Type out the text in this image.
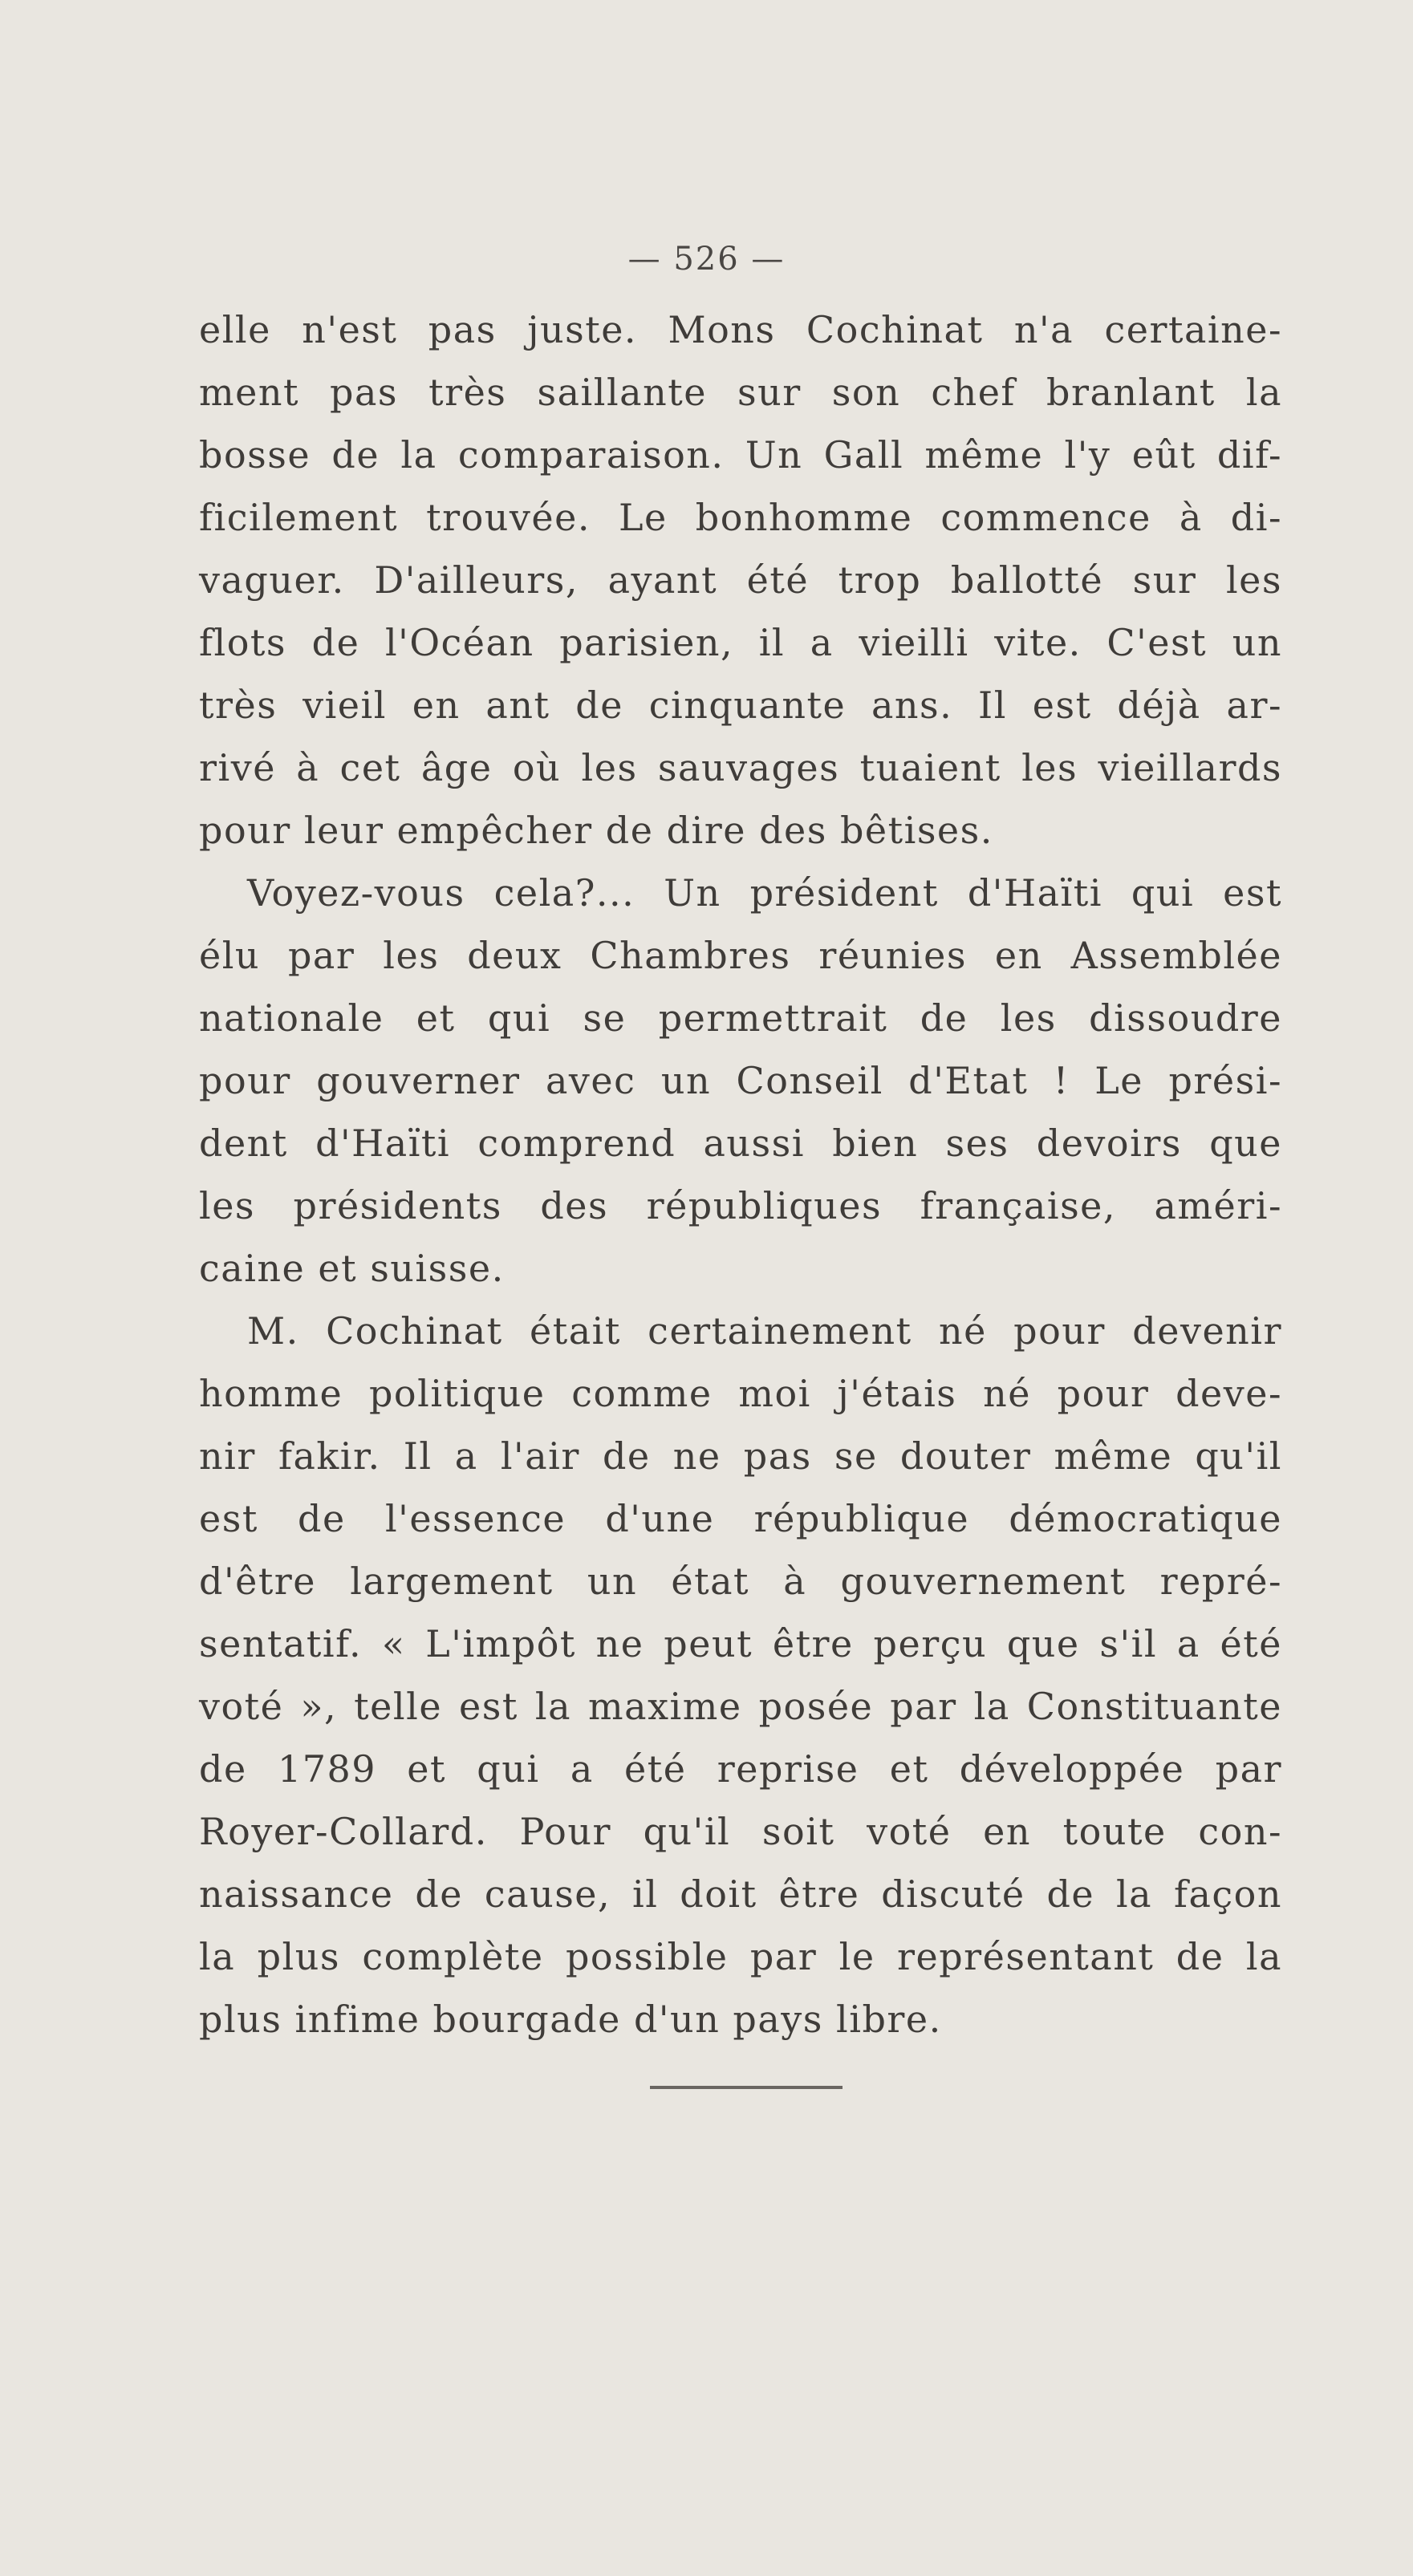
— 526 —
elle n'est pas juste. Mons Cochinat n'a certaine-
ment pas très saillante sur son chef branlant la
bosse de la comparaison. Un Gall même l'y eût dif-
ficilement trouvée. Le bonhomme commence à di-
vaguer. D'ailleurs, ayant été trop ballotté sur les
flots de l'Océan parisien, il a vieilli vite. C'est un
très vieil en ant de cinquante ans. Il est déjà ar-
rivé à cet âge où les sauvages tuaient les vieillards
pour leur empêcher de dire des bêtises.
Voyez-vous cela?... Un président d'Haïti qui est
élu par les deux Chambres réunies en Assemblée
nationale et qui se permettrait de les dissoudre
pour gouverner avec un Conseil d'Etat ! Le prési-
dent d'Haïti comprend aussi bien ses devoirs que
les présidents des républiques française, améri-
caine et suisse.
M. Cochinat était certainement né pour devenir
homme politique comme moi j'étais né pour deve-
nir fakir. Il a l'air de ne pas se douter même qu'il
est de l'essence d'une république démocratique
d'être largement un état à gouvernement repré-
sentatif. « L'impôt ne peut être perçu que s'il a été
voté », telle est la maxime posée par la Constituante
de 1789 et qui a été reprise et développée par
Royer-Collard. Pour qu'il soit voté en toute con-
naissance de cause, il doit être discuté de la façon
la plus complète possible par le représentant de la
plus infime bourgade d'un pays libre.
